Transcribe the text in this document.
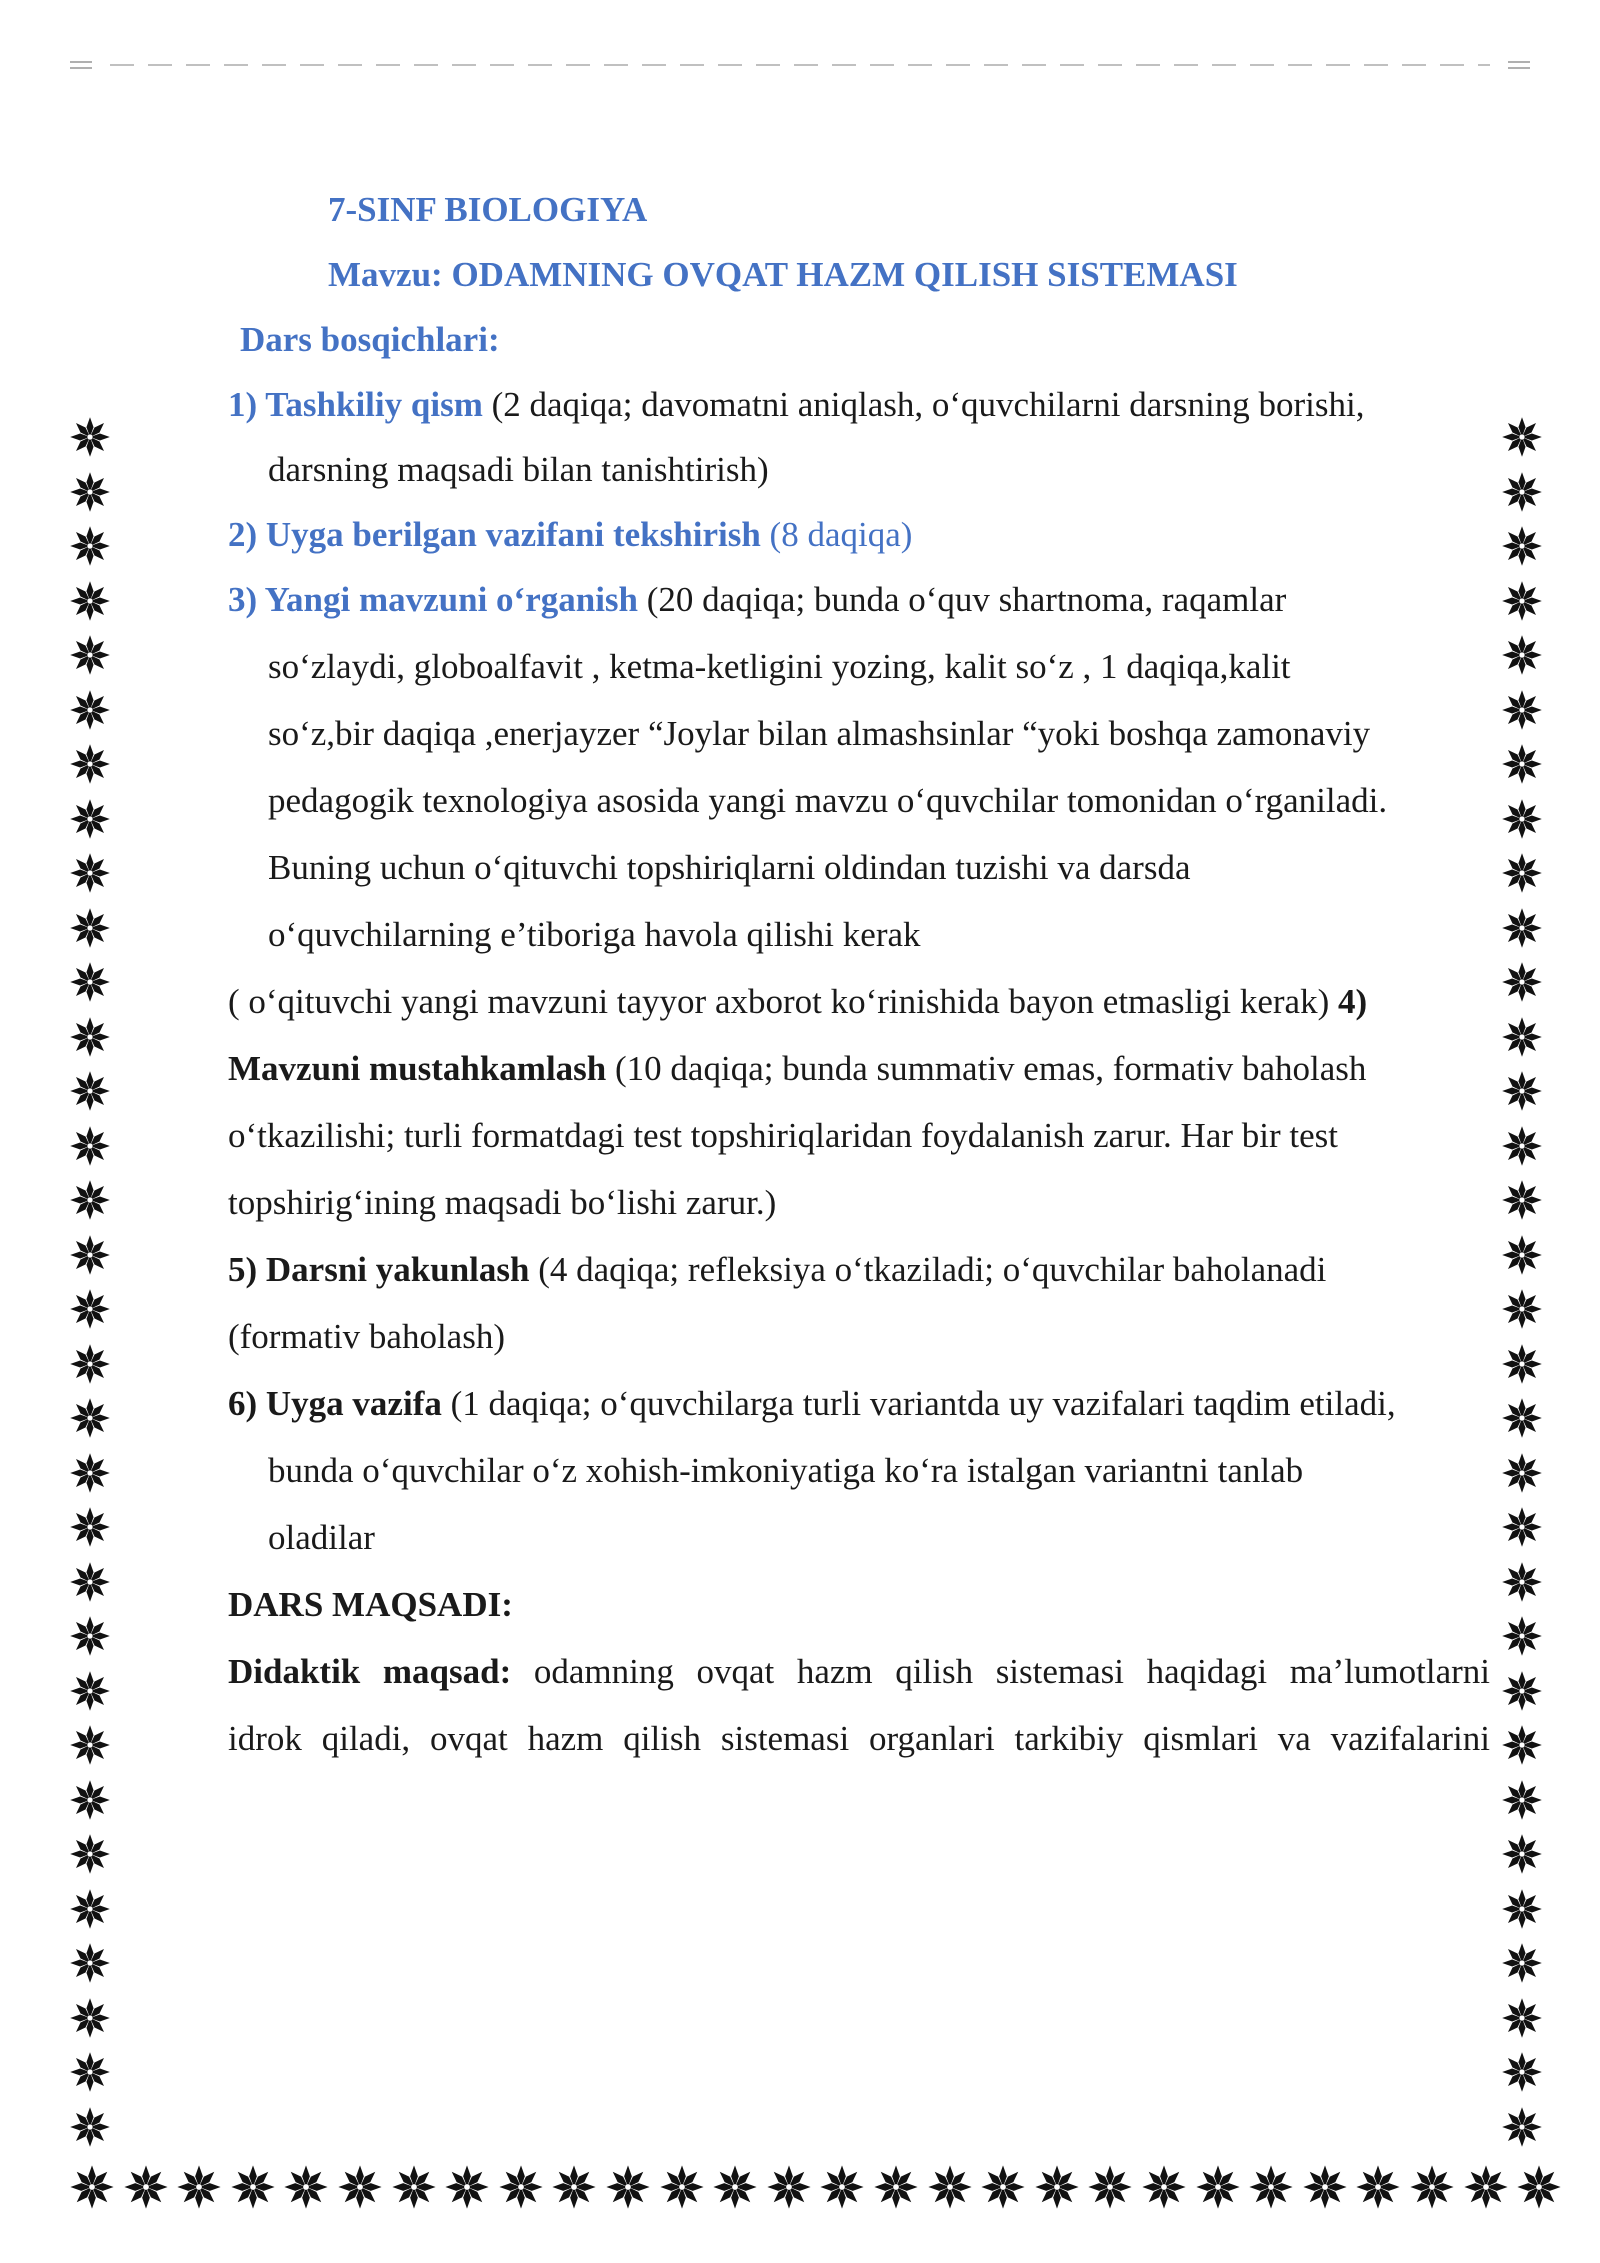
7-SINF BIOLOGIYA
Mavzu: ODAMNING OVQAT HAZM QILISH SISTEMASI
Dars bosqichlari:
1) Tashkiliy qism (2 daqiqa; davomatni aniqlash, o‘quvchilarni darsning borishi,
darsning maqsadi bilan tanishtirish)
2) Uyga berilgan vazifani tekshirish (8 daqiqa)
3) Yangi mavzuni o‘rganish (20 daqiqa; bunda o‘quv shartnoma, raqamlar
so‘zlaydi, globoalfavit , ketma-ketligini yozing, kalit so‘z , 1 daqiqa,kalit
so‘z,bir daqiqa ,enerjayzer “Joylar bilan almashsinlar “yoki boshqa zamonaviy
pedagogik texnologiya asosida yangi mavzu o‘quvchilar tomonidan o‘rganiladi.
Buning uchun o‘qituvchi topshiriqlarni oldindan tuzishi va darsda
o‘quvchilarning e’tiboriga havola qilishi kerak
( o‘qituvchi yangi mavzuni tayyor axborot ko‘rinishida bayon etmasligi kerak) 4)
Mavzuni mustahkamlash (10 daqiqa; bunda summativ emas, formativ baholash
o‘tkazilishi; turli formatdagi test topshiriqlaridan foydalanish zarur. Har bir test
topshirig‘ining maqsadi bo‘lishi zarur.)
5) Darsni yakunlash (4 daqiqa; refleksiya o‘tkaziladi; o‘quvchilar baholanadi
(formativ baholash)
6) Uyga vazifa (1 daqiqa; o‘quvchilarga turli variantda uy vazifalari taqdim etiladi,
bunda o‘quvchilar o‘z xohish-imkoniyatiga ko‘ra istalgan variantni tanlab
oladilar
DARS MAQSADI:
Didaktik maqsad: odamning ovqat hazm qilish sistemasi haqidagi ma’lumotlarni
idrok qiladi, ovqat hazm qilish sistemasi organlari tarkibiy qismlari va vazifalarini
